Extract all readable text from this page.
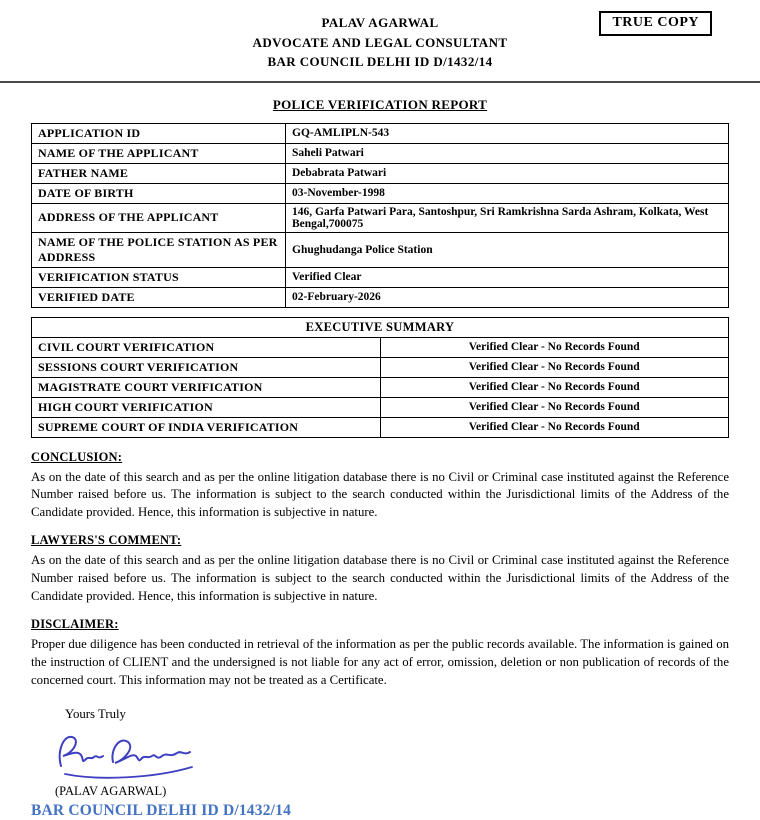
TRUE COPY
PALAV AGARWAL
ADVOCATE AND LEGAL CONSULTANT
BAR COUNCIL DELHI ID D/1432/14
POLICE VERIFICATION REPORT
APPLICATION ID	GQ-AMLIPLN-543
NAME OF THE APPLICANT	Saheli Patwari
FATHER NAME	Debabrata Patwari
DATE OF BIRTH	03-November-1998
ADDRESS OF THE APPLICANT	146, Garfa Patwari Para, Santoshpur, Sri Ramkrishna Sarda Ashram, Kolkata, West Bengal,700075
NAME OF THE POLICE STATION AS PER ADDRESS	Ghughudanga Police Station
VERIFICATION STATUS	Verified Clear
VERIFIED DATE	02-February-2026
EXECUTIVE SUMMARY	
CIVIL COURT VERIFICATION	Verified Clear - No Records Found
SESSIONS COURT VERIFICATION	Verified Clear - No Records Found
MAGISTRATE COURT VERIFICATION	Verified Clear - No Records Found
HIGH COURT VERIFICATION	Verified Clear - No Records Found
SUPREME COURT OF INDIA VERIFICATION	Verified Clear - No Records Found
CONCLUSION:

As on the date of this search and as per the online litigation database there is no Civil or Criminal case instituted against the Reference Number raised before us. The information is subject to the search conducted within the Jurisdictional limits of the Address of the Candidate provided. Hence, this information is subjective in nature.

LAWYERS'S COMMENT:

As on the date of this search and as per the online litigation database there is no Civil or Criminal case instituted against the Reference Number raised before us. The information is subject to the search conducted within the Jurisdictional limits of the Address of the Candidate provided. Hence, this information is subjective in nature.

DISCLAIMER:

Proper due diligence has been conducted in retrieval of the information as per the public records available. The information is gained on the instruction of CLIENT and the undersigned is not liable for any act of error, omission, deletion or non publication of records of the concerned court. This information may not be treated as a Certificate.

Yours Truly
(PALAV AGARWAL)
BAR COUNCIL DELHI ID D/1432/14
